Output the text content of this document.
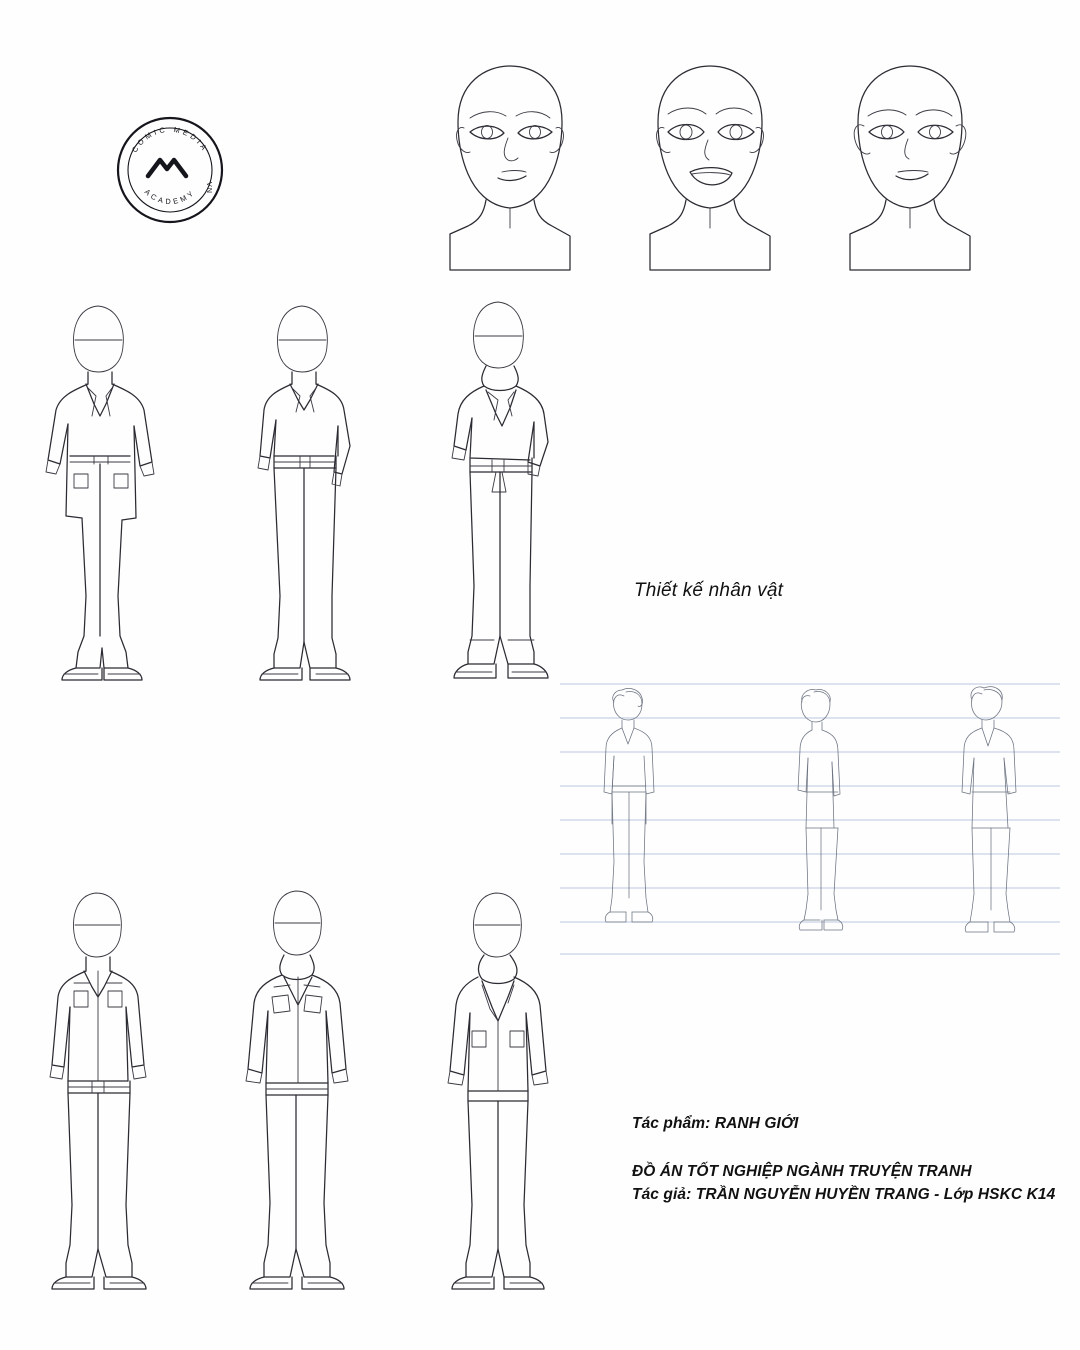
COMIC MEDIA
ACADEMY VN
Thiết kế nhân vật
Tác phẩm: RANH GIỚI
ĐỒ ÁN TỐT NGHIỆP NGÀNH TRUYỆN TRANH
Tác giả: TRẦN NGUYỄN HUYỀN TRANG - Lớp HSKC K14
